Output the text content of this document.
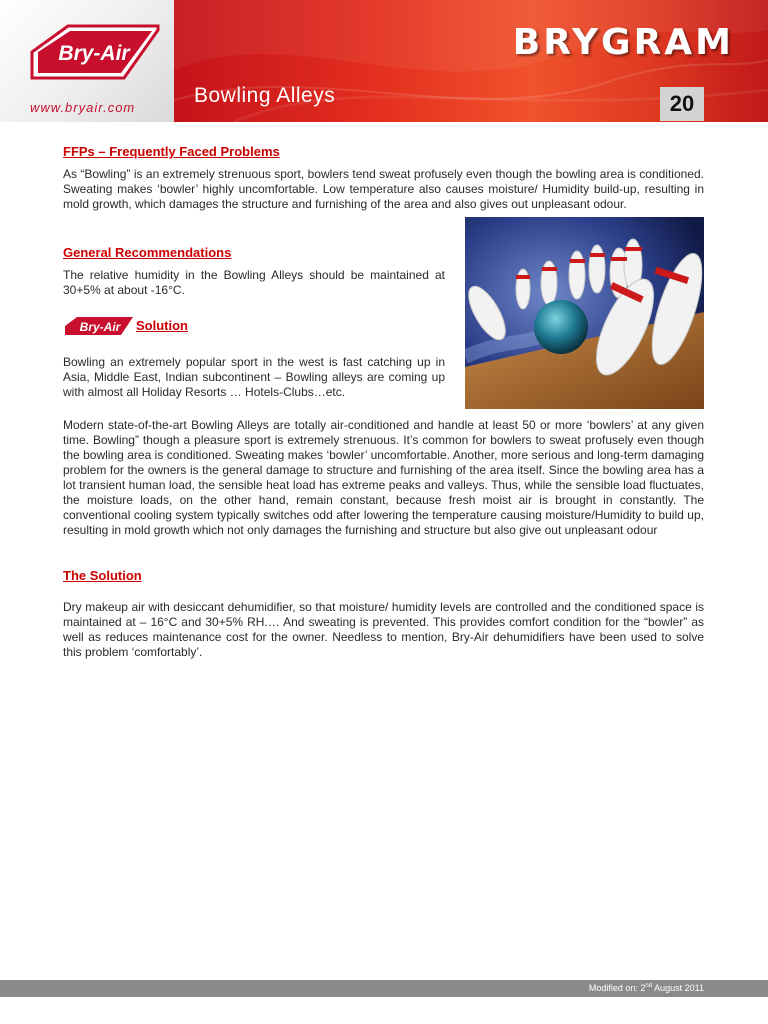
Bry-Air
www.bryair.com
BRYGRAM
Bowling Alleys	20
FFPs – Frequently Faced Problems

As “Bowling” is an extremely strenuous sport, bowlers tend sweat profusely even though the bowling area is conditioned. Sweating makes ‘bowler’ highly uncomfortable. Low temperature also causes moisture/ Humidity build-up, resulting in mold growth, which damages the structure and furnishing of the area and also gives out unpleasant odour.

General Recommendations

The relative humidity in the Bowling Alleys should be maintained at 30+5% at about -16°C.

Bry-Air Solution

Bowling an extremely popular sport in the west is fast catching up in Asia, Middle East, Indian subcontinent – Bowling alleys are coming up with almost all Holiday Resorts … Hotels-Clubs…etc.

Modern state-of-the-art Bowling Alleys are totally air-conditioned and handle at least 50 or more ‘bowlers’ at any given time. Bowling” though a pleasure sport is extremely strenuous. It’s common for bowlers to sweat profusely even though the bowling area is conditioned. Sweating makes ‘bowler’ uncomfortable. Another, more serious and long-term damaging problem for the owners is the general damage to structure and furnishing of the area itself. Since the bowling area has a lot transient human load, the sensible heat load has extreme peaks and valleys. Thus, while the sensible load fluctuates, the moisture loads, on the other hand, remain constant, because fresh moist air is brought in constantly. The conventional cooling system typically switches odd after lowering the temperature causing moisture/Humidity to build up, resulting in mold growth which not only damages the furnishing and structure but also give out unpleasant odour

The Solution

Dry makeup air with desiccant dehumidifier, so that moisture/ humidity levels are controlled and the conditioned space is maintained at – 16°C and 30+5% RH.… And sweating is prevented. This provides comfort condition for the “bowler” as well as reduces maintenance cost for the owner. Needless to mention, Bry-Air dehumidifiers have been used to solve this problem ‘comfortably’.

Modified on: 2nd August 2011
